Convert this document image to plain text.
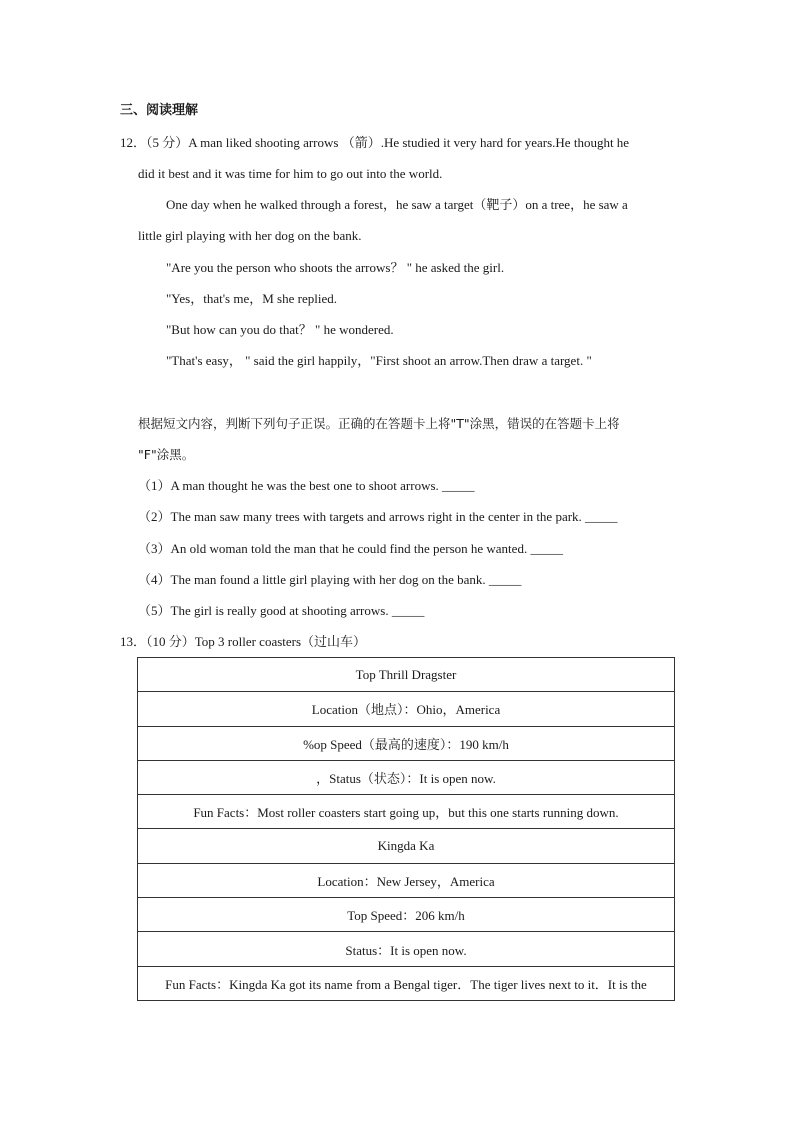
三、阅读理解
12．（5 分）A man liked shooting arrows （箭）.He studied it very hard for years.He thought he
did it best and it was time for him to go out into the world.
One day when he walked through a forest，he saw a target（靶子）on a tree，he saw a
little girl playing with her dog on the bank.
"Are you the person who shoots the arrows？ " he asked the girl.
"Yes，that's me，M she replied.
"But how can you do that？ " he wondered.
"That's easy， " said the girl happily，"First shoot an arrow.Then draw a target. "
根据短文内容，判断下列句子正误。正确的在答题卡上将"T"涂黑，错误的在答题卡上将
"F"涂黑。
（1）A man thought he was the best one to shoot arrows. _____
（2）The man saw many trees with targets and arrows right in the center in the park. _____
（3）An old woman told the man that he could find the person he wanted. _____
（4）The man found a little girl playing with her dog on the bank. _____
（5）The girl is really good at shooting arrows. _____
13．（10 分）Top 3 roller coasters（过山车）
Top Thrill Dragster
Location（地点）：Ohio，America
%op Speed（最高的速度）：190 km/h
，Status（状态）：It is open now.
Fun Facts：Most roller coasters start going up，but this one starts running down.
Kingda Ka
Location：New Jersey，America
Top Speed：206 km/h
Status：It is open now.
Fun Facts：Kingda Ka got its name from a Bengal tiger．The tiger lives next to it．It is the
